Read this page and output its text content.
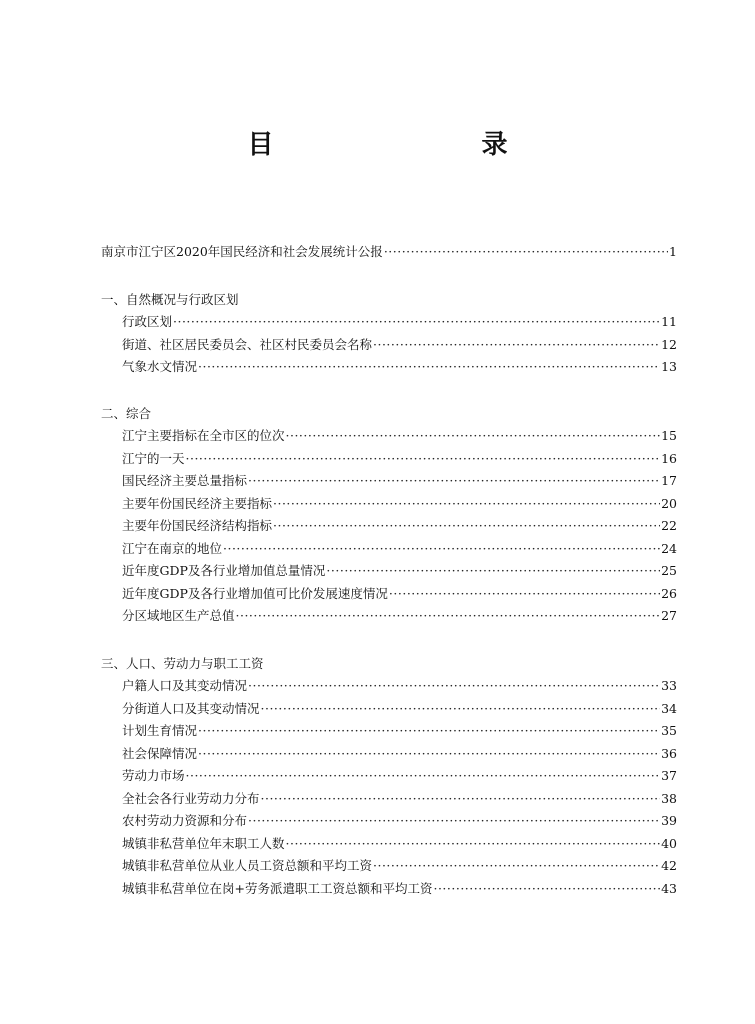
目　　录
南京市江宁区2020年国民经济和社会发展统计公报 ·····	1
一、自然概况与行政区划
行政区划 ·····	11
街道、社区居民委员会、社区村民委员会名称 ·····	12
气象水文情况 ·····	13
二、综合
江宁主要指标在全市区的位次 ·····	15
江宁的一天 ·····	16
国民经济主要总量指标 ·····	17
主要年份国民经济主要指标 ·····	20
主要年份国民经济结构指标 ·····	22
江宁在南京的地位 ·····	24
近年度GDP及各行业增加值总量情况 ·····	25
近年度GDP及各行业增加值可比价发展速度情况 ·····	26
分区域地区生产总值 ·····	27
三、人口、劳动力与职工工资
户籍人口及其变动情况 ·····	33
分街道人口及其变动情况 ·····	34
计划生育情况 ·····	35
社会保障情况 ·····	36
劳动力市场 ·····	37
全社会各行业劳动力分布 ·····	38
农村劳动力资源和分布 ·····	39
城镇非私营单位年末职工人数 ·····	40
城镇非私营单位从业人员工资总额和平均工资 ·····	42
城镇非私营单位在岗+劳务派遣职工工资总额和平均工资 ·····	43
